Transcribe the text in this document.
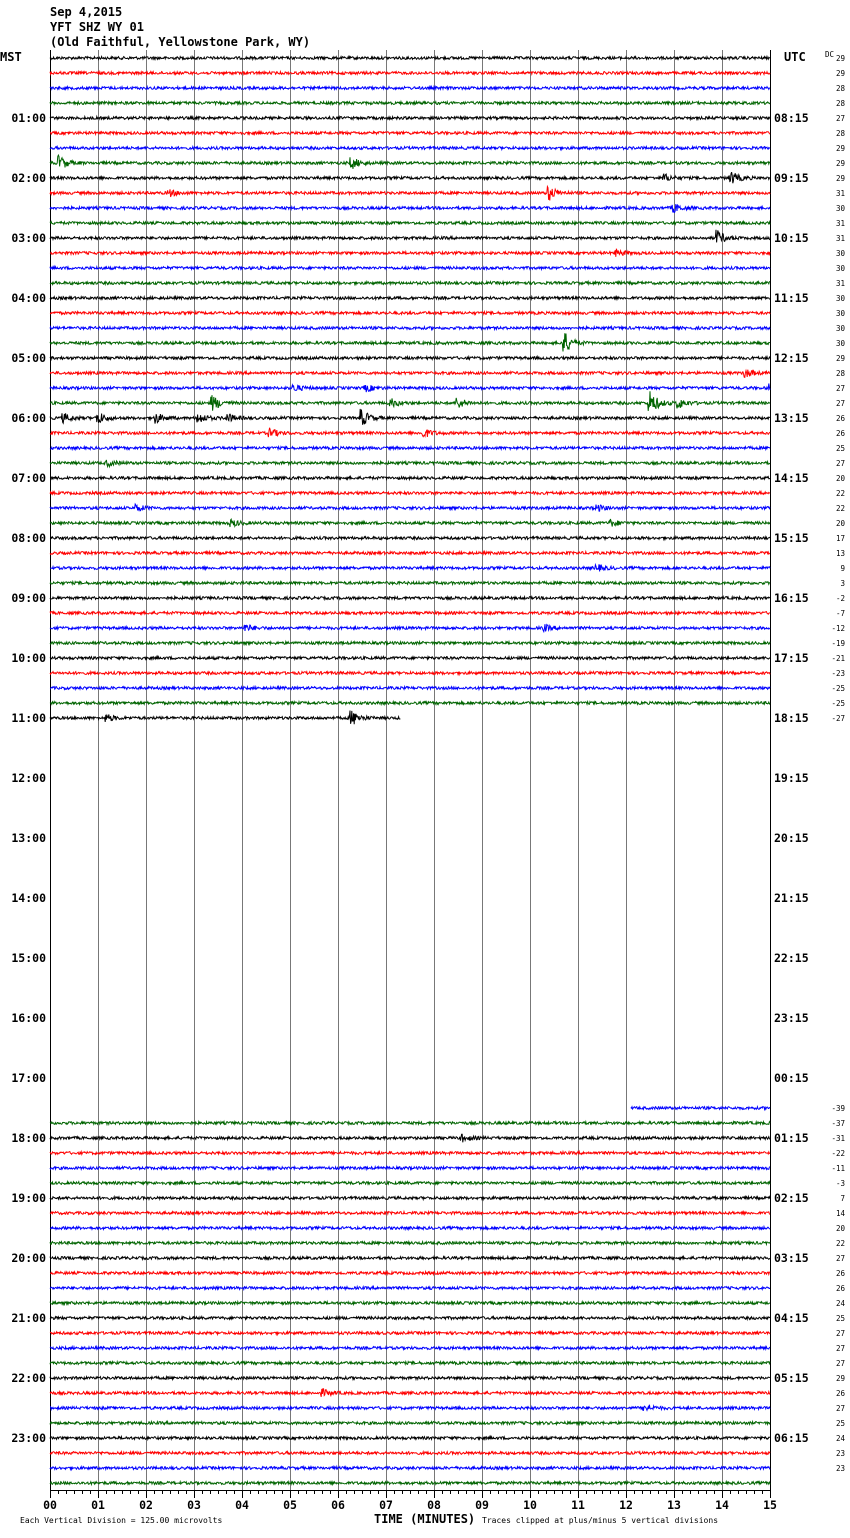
Sep 4,2015
YFT SHZ WY 01
(Old Faithful, Yellowstone Park, WY)
MST	UTC	DC
01:00
02:00
03:00
04:00
05:00
06:00
07:00
08:00
09:00
10:00
11:00
12:00
13:00
14:00
15:00
16:00
17:00
18:00
19:00
20:00
21:00
22:00
23:00
08:15
09:15
10:15
11:15
12:15
13:15
14:15
15:15
16:15
17:15
18:15
19:15
20:15
21:15
22:15
23:15
00:15
01:15
02:15
03:15
04:15
05:15
06:15
29
29
28
28
27
28
29
29
29
31
30
31
31
30
30
31
30
30
30
30
29
28
27
27
26
26
25
27
20
22
22
20
17
13
9
3
-2
-7
-12
-19
-21
-23
-25
-25
-27
-39
-37
-31
-22
-11
-3
7
14
20
22
27
26
26
24
25
27
27
27
29
26
27
25
24
23
23
00	01	02	03	04	05	06	07	08	09	10	11	12	13	14	15
TIME (MINUTES)
Each Vertical Division = 125.00 microvolts	Traces clipped at plus/minus 5 vertical divisions
